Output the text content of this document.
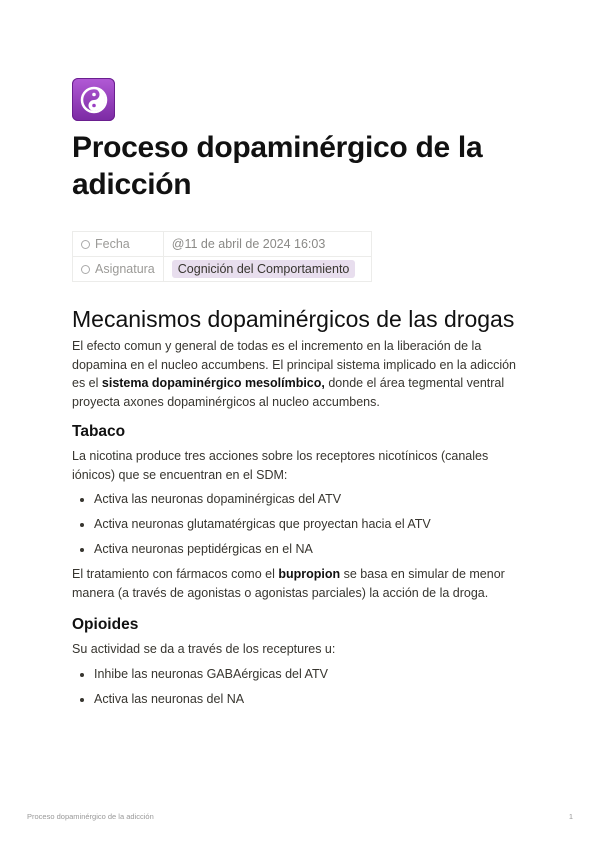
Proceso dopaminérgico de la adicción
Fecha	@11 de abril de 2024 16:03
Asignatura	Cognición del Comportamiento
Mecanismos dopaminérgicos de las drogas

El efecto comun y general de todas es el incremento en la liberación de la dopamina en el nucleo accumbens. El principal sistema implicado en la adicción es el sistema dopaminérgico mesolímbico, donde el área tegmental ventral proyecta axones dopaminérgicos al nucleo accumbens.

Tabaco

La nicotina produce tres acciones sobre los receptores nicotínicos (canales iónicos) que se encuentran en el SDM:

• Activa las neuronas dopaminérgicas del ATV
• Activa neuronas glutamatérgicas que proyectan hacia el ATV
• Activa neuronas peptidérgicas en el NA

El tratamiento con fármacos como el bupropion se basa en simular de menor manera (a través de agonistas o agonistas parciales) la acción de la droga.

Opioides

Su actividad se da a través de los receptures u:

• Inhibe las neuronas GABAérgicas del ATV
• Activa las neuronas del NA
Proceso dopaminérgico de la adicción	1
